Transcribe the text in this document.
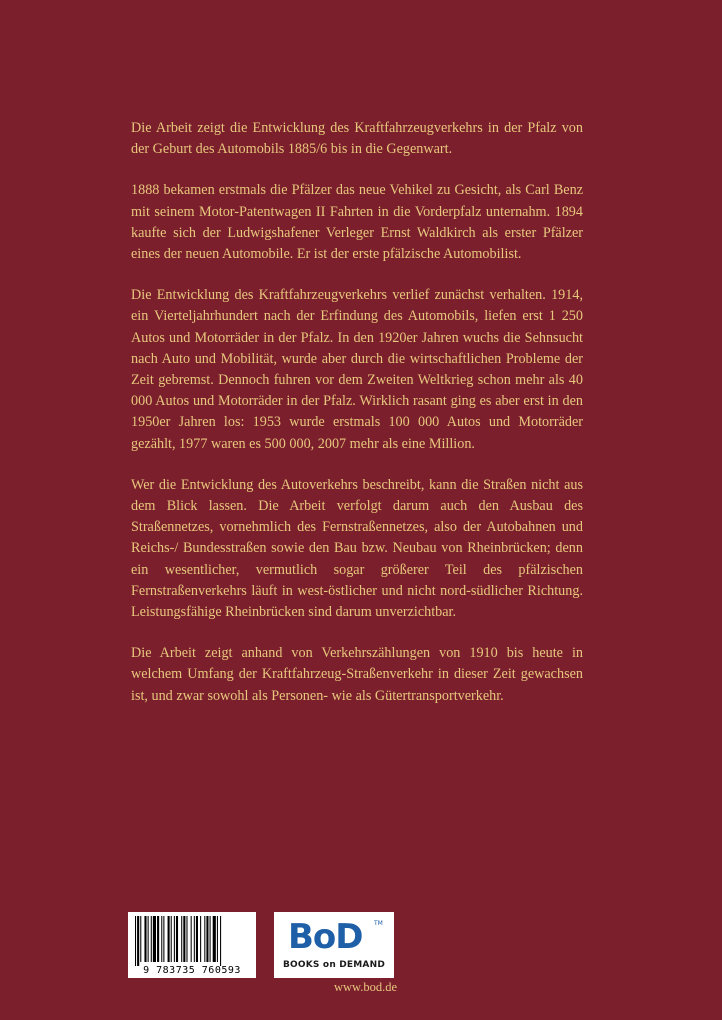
Die Arbeit zeigt die Entwicklung des Kraftfahrzeugverkehrs in der Pfalz von der Geburt des Automobils 1885/6 bis in die Gegenwart.

1888 bekamen erstmals die Pfälzer das neue Vehikel zu Gesicht, als Carl Benz mit seinem Motor-Patentwagen II Fahrten in die Vorderpfalz unternahm. 1894 kaufte sich der Ludwigshafener Verleger Ernst Waldkirch als erster Pfälzer eines der neuen Automobile. Er ist der erste pfälzische Automobilist.

Die Entwicklung des Kraftfahrzeugverkehrs verlief zunächst verhalten. 1914, ein Vierteljahrhundert nach der Erfindung des Automobils, liefen erst 1 250 Autos und Motorräder in der Pfalz. In den 1920er Jahren wuchs die Sehnsucht nach Auto und Mobilität, wurde aber durch die wirtschaftlichen Probleme der Zeit gebremst. Dennoch fuhren vor dem Zweiten Weltkrieg schon mehr als 40 000 Autos und Motorräder in der Pfalz. Wirklich rasant ging es aber erst in den 1950er Jahren los: 1953 wurde erstmals 100 000 Autos und Motorräder gezählt, 1977 waren es 500 000, 2007 mehr als eine Million.

Wer die Entwicklung des Autoverkehrs beschreibt, kann die Straßen nicht aus dem Blick lassen. Die Arbeit verfolgt darum auch den Ausbau des Straßennetzes, vornehmlich des Fernstraßennetzes, also der Autobahnen und Reichs-/ Bundesstraßen sowie den Bau bzw. Neubau von Rheinbrücken; denn ein wesentlicher, vermutlich sogar größerer Teil des pfälzischen Fernstraßenverkehrs läuft in west-östlicher und nicht nord-südlicher Richtung. Leistungsfähige Rheinbrücken sind darum unverzichtbar.

Die Arbeit zeigt anhand von Verkehrszählungen von 1910 bis heute in welchem Umfang der Kraftfahrzeug-Straßenverkehr in dieser Zeit gewachsen ist, und zwar sowohl als Personen- wie als Gütertransportverkehr.

9 783735 760593
BoD TM
BOOKS on DEMAND
www.bod.de
